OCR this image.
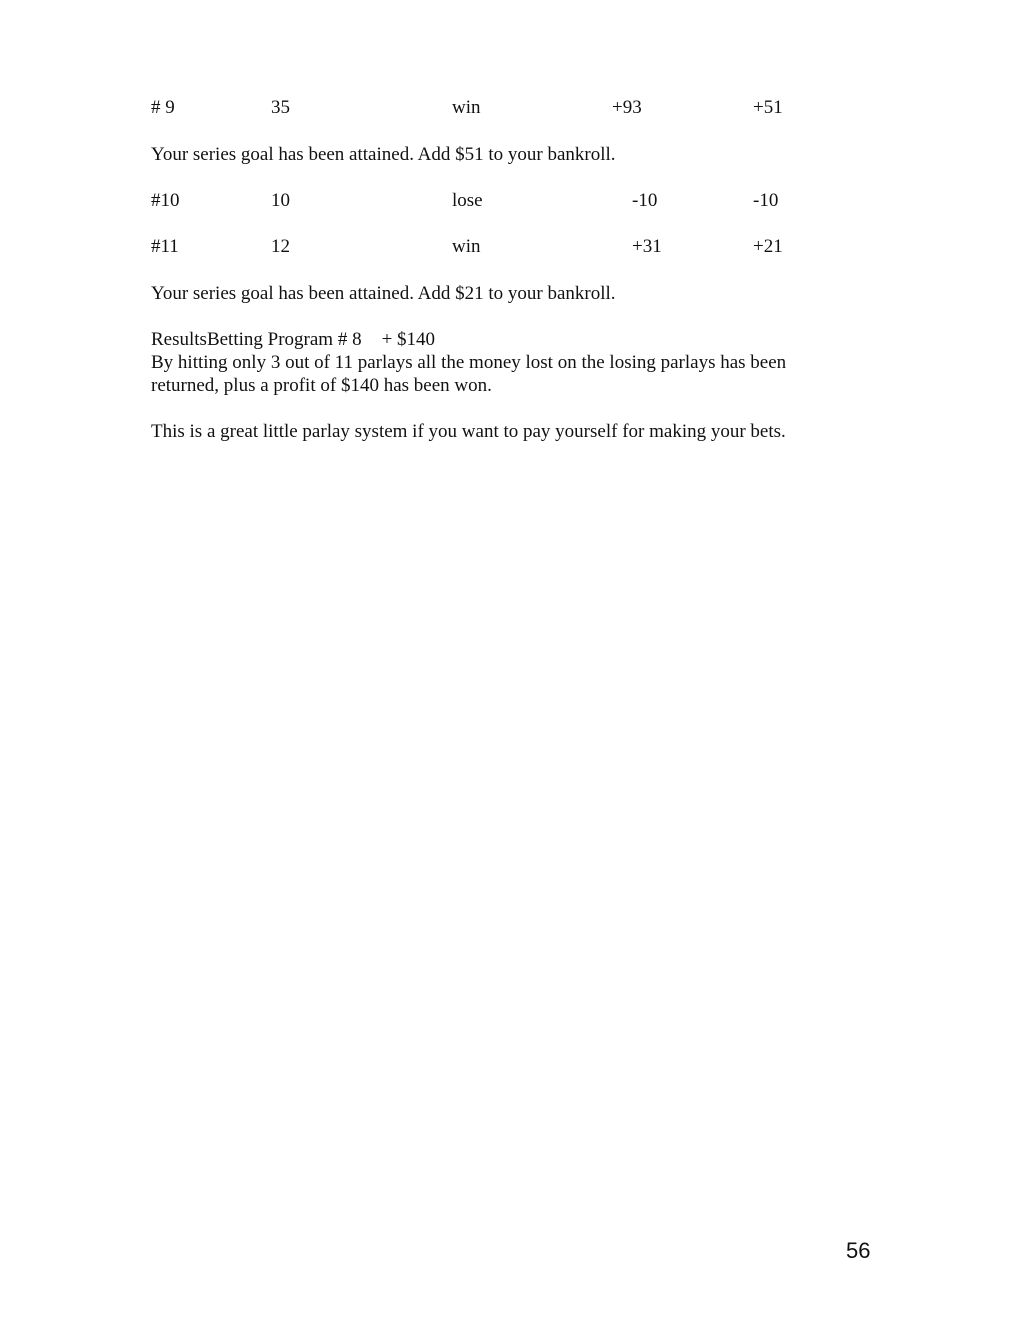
# 9	35	win	+93	+51
Your series goal has been attained. Add $51 to your bankroll.
#10	10	lose	-10	-10
#11	12	win	+31	+21
Your series goal has been attained. Add $21 to your bankroll.
ResultsBetting Program # 8 + $140
By hitting only 3 out of 11 parlays all the money lost on the losing parlays has been
returned, plus a profit of $140 has been won.
This is a great little parlay system if you want to pay yourself for making your bets.
56
